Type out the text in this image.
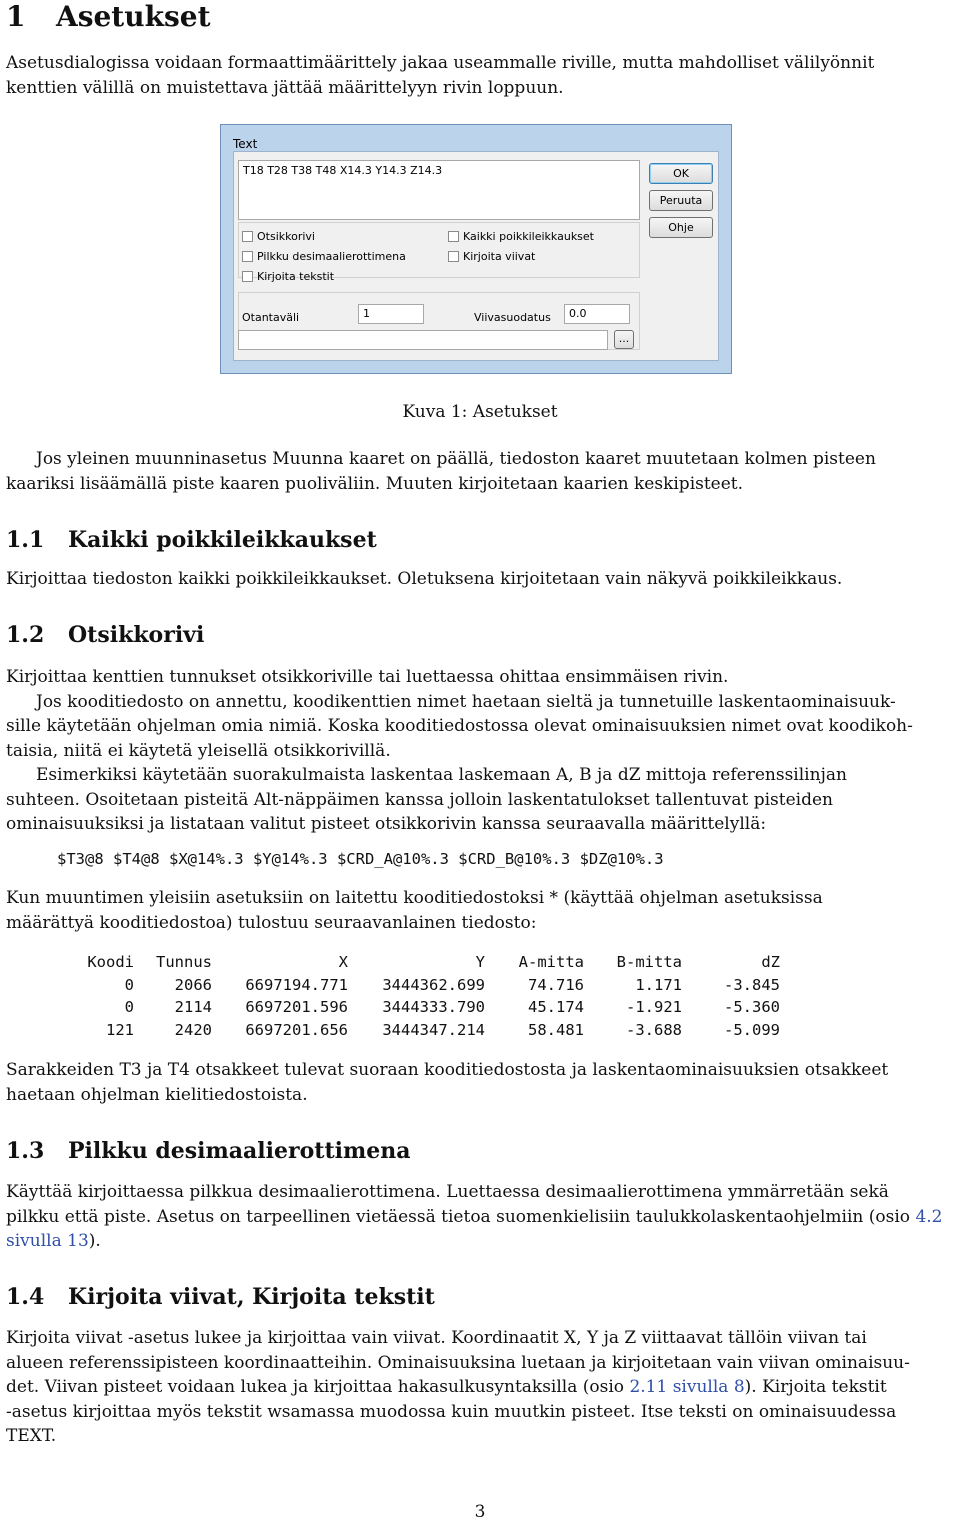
1 Asetukset
Asetusdialogissa voidaan formaattimäärittely jakaa useammalle riville, mutta mahdolliset välilyönnit
kenttien välillä on muistettava jättää määrittelyyn rivin loppuun.
Text
T18 T28 T38 T48 X14.3 Y14.3 Z14.3	OK
Peruuta
Ohje
Otsikkorivi
Pilkku desimaalierottimena
Kirjoita tekstit
Kaikki poikkileikkaukset
Kirjoita viivat
Otantaväli	1	Viivasuodatus	0.0
...
Kuva 1: Asetukset
Jos yleinen muunninasetus Muunna kaaret on päällä, tiedoston kaaret muutetaan kolmen pisteen
kaariksi lisäämällä piste kaaren puoliväliin. Muuten kirjoitetaan kaarien keskipisteet.
1.1 Kaikki poikkileikkaukset
Kirjoittaa tiedoston kaikki poikkileikkaukset. Oletuksena kirjoitetaan vain näkyvä poikkileikkaus.
1.2 Otsikkorivi
Kirjoittaa kenttien tunnukset otsikkoriville tai luettaessa ohittaa ensimmäisen rivin.
Jos kooditiedosto on annettu, koodikenttien nimet haetaan sieltä ja tunnetuille laskentaominaisuuk-
sille käytetään ohjelman omia nimiä. Koska kooditiedostossa olevat ominaisuuksien nimet ovat koodikoh-
taisia, niitä ei käytetä yleisellä otsikkorivillä.
Esimerkiksi käytetään suorakulmaista laskentaa laskemaan A, B ja dZ mittoja referenssilinjan
suhteen. Osoitetaan pisteitä Alt-näppäimen kanssa jolloin laskentatulokset tallentuvat pisteiden
ominaisuuksiksi ja listataan valitut pisteet otsikkorivin kanssa seuraavalla määrittelyllä:
$T3@8 $T4@8 $X@14%.3 $Y@14%.3 $CRD_A@10%.3 $CRD_B@10%.3 $DZ@10%.3
Kun muuntimen yleisiin asetuksiin on laitettu kooditiedostoksi * (käyttää ohjelman asetuksissa
määrättyä kooditiedostoa) tulostuu seuraavanlainen tiedosto:
Koodi	Tunnus	X	Y	A-mitta	B-mitta	dZ
0	2066	6697194.771	3444362.699	74.716	1.171	-3.845
0	2114	6697201.596	3444333.790	45.174	-1.921	-5.360
121	2420	6697201.656	3444347.214	58.481	-3.688	-5.099
Sarakkeiden T3 ja T4 otsakkeet tulevat suoraan kooditiedostosta ja laskentaominaisuuksien otsakkeet
haetaan ohjelman kielitiedostoista.
1.3 Pilkku desimaalierottimena
Käyttää kirjoittaessa pilkkua desimaalierottimena. Luettaessa desimaalierottimena ymmärretään sekä
pilkku että piste. Asetus on tarpeellinen vietäessä tietoa suomenkielisiin taulukkolaskentaohjelmiin (osio 4.2
sivulla 13).
1.4 Kirjoita viivat, Kirjoita tekstit
Kirjoita viivat -asetus lukee ja kirjoittaa vain viivat. Koordinaatit X, Y ja Z viittaavat tällöin viivan tai
alueen referenssipisteen koordinaatteihin. Ominaisuuksina luetaan ja kirjoitetaan vain viivan ominaisuu-
det. Viivan pisteet voidaan lukea ja kirjoittaa hakasulkusyntaksilla (osio 2.11 sivulla 8). Kirjoita tekstit
-asetus kirjoittaa myös tekstit wsamassa muodossa kuin muutkin pisteet. Itse teksti on ominaisuudessa
TEXT.
3
